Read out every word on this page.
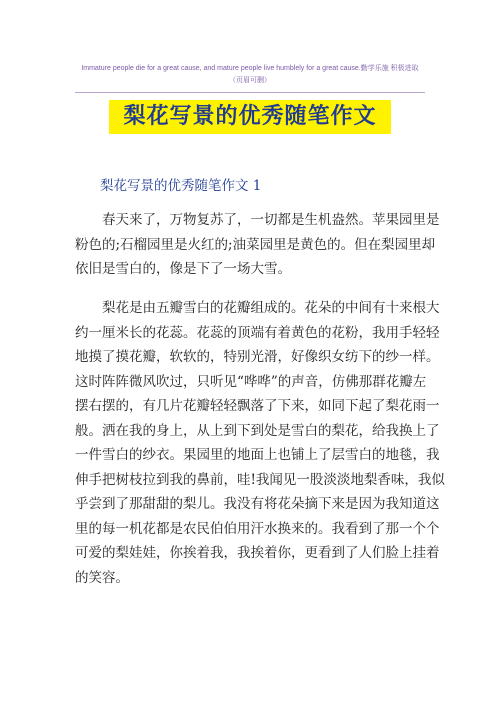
Immature people die for a great cause, and mature people live humblely for a great cause.勤学乐施 积极进取
（页眉可删）
梨花写景的优秀随笔作文
梨花写景的优秀随笔作文 1

　　春天来了，万物复苏了，一切都是生机盎然。苹果园里是
粉色的;石榴园里是火红的;油菜园里是黄色的。但在梨园里却
依旧是雪白的，像是下了一场大雪。

　　梨花是由五瓣雪白的花瓣组成的。花朵的中间有十来根大
约一厘米长的花蕊。花蕊的顶端有着黄色的花粉，我用手轻轻
地摸了摸花瓣，软软的，特别光滑，好像织女纺下的纱一样。
这时阵阵微风吹过，只听见“哗哗”的声音，仿佛那群花瓣左
摆右摆的，有几片花瓣轻轻飘落了下来，如同下起了梨花雨一
般。洒在我的身上，从上到下到处是雪白的梨花，给我换上了
一件雪白的纱衣。果园里的地面上也铺上了层雪白的地毯，我
伸手把树枝拉到我的鼻前，哇!我闻见一股淡淡地梨香味，我似
乎尝到了那甜甜的梨儿。我没有将花朵摘下来是因为我知道这
里的每一机花都是农民伯伯用汗水换来的。我看到了那一个个
可爱的梨娃娃，你挨着我，我挨着你，更看到了人们脸上挂着
的笑容。
